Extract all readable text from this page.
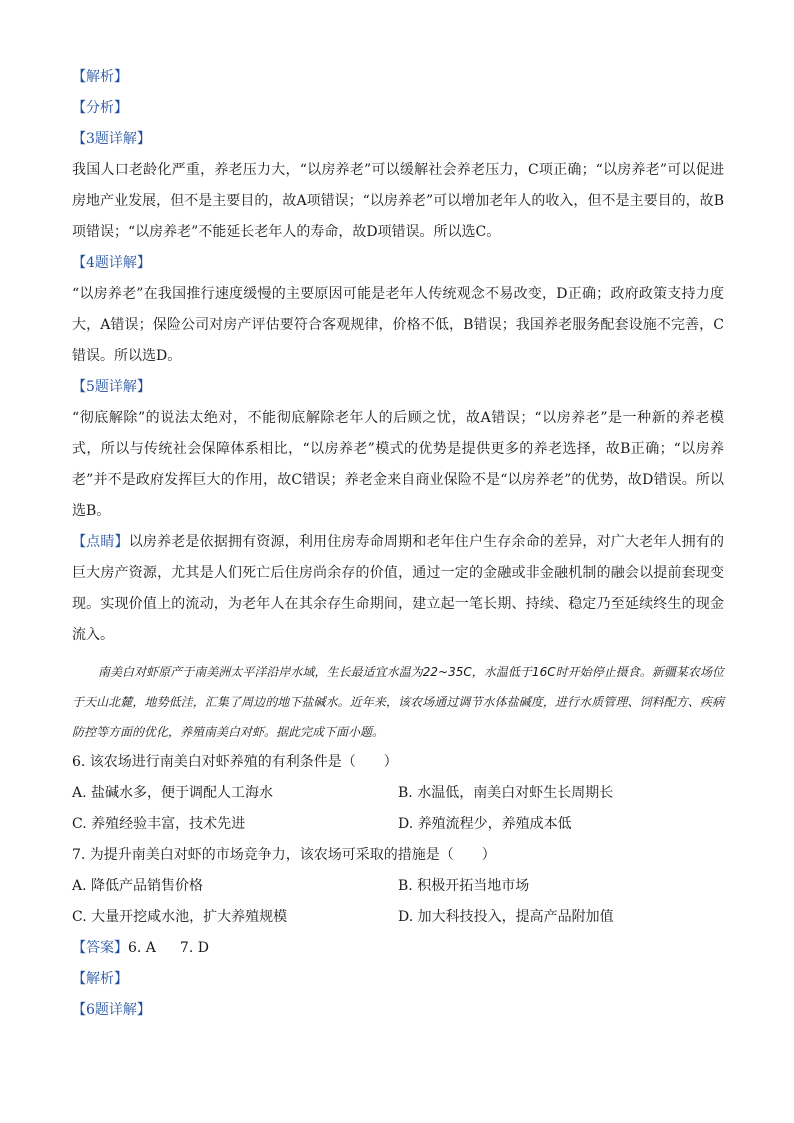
【解析】

【分析】

【3题详解】

我国人口老龄化严重，养老压力大，“以房养老”可以缓解社会养老压力，C项正确；“以房养老”可以促进房地产业发展，但不是主要目的，故A项错误；“以房养老”可以增加老年人的收入，但不是主要目的，故B项错误；“以房养老”不能延长老年人的寿命，故D项错误。所以选C。

【4题详解】

“以房养老”在我国推行速度缓慢的主要原因可能是老年人传统观念不易改变，D正确；政府政策支持力度大，A错误；保险公司对房产评估要符合客观规律，价格不低，B错误；我国养老服务配套设施不完善，C错误。所以选D。

【5题详解】

“彻底解除”的说法太绝对，不能彻底解除老年人的后顾之忧，故A错误；“以房养老”是一种新的养老模式，所以与传统社会保障体系相比，“以房养老”模式的优势是提供更多的养老选择，故B正确；“以房养老”并不是政府发挥巨大的作用，故C错误；养老金来自商业保险不是“以房养老”的优势，故D错误。所以选B。

【点睛】以房养老是依据拥有资源，利用住房寿命周期和老年住户生存余命的差异，对广大老年人拥有的巨大房产资源，尤其是人们死亡后住房尚余存的价值，通过一定的金融或非金融机制的融会以提前套现变现。实现价值上的流动，为老年人在其余存生命期间，建立起一笔长期、持续、稳定乃至延续终生的现金流入。

南美白对虾原产于南美洲太平洋沿岸水域，生长最适宜水温为22~35C，水温低于16C时开始停止摄食。新疆某农场位于天山北麓，地势低洼，汇集了周边的地下盐碱水。近年来，该农场通过调节水体盐碱度，进行水质管理、饲料配方、疾病防控等方面的优化，养殖南美白对虾。据此完成下面小题。

6. 该农场进行南美白对虾养殖的有利条件是（　　）

A. 盐碱水多，便于调配人工海水	B. 水温低，南美白对虾生长周期长
C. 养殖经验丰富，技术先进	D. 养殖流程少，养殖成本低

7. 为提升南美白对虾的市场竞争力，该农场可采取的措施是（　　）

A. 降低产品销售价格	B. 积极开拓当地市场
C. 大量开挖咸水池，扩大养殖规模	D. 加大科技投入，提高产品附加值

【答案】6. A 7. D

【解析】

【6题详解】
